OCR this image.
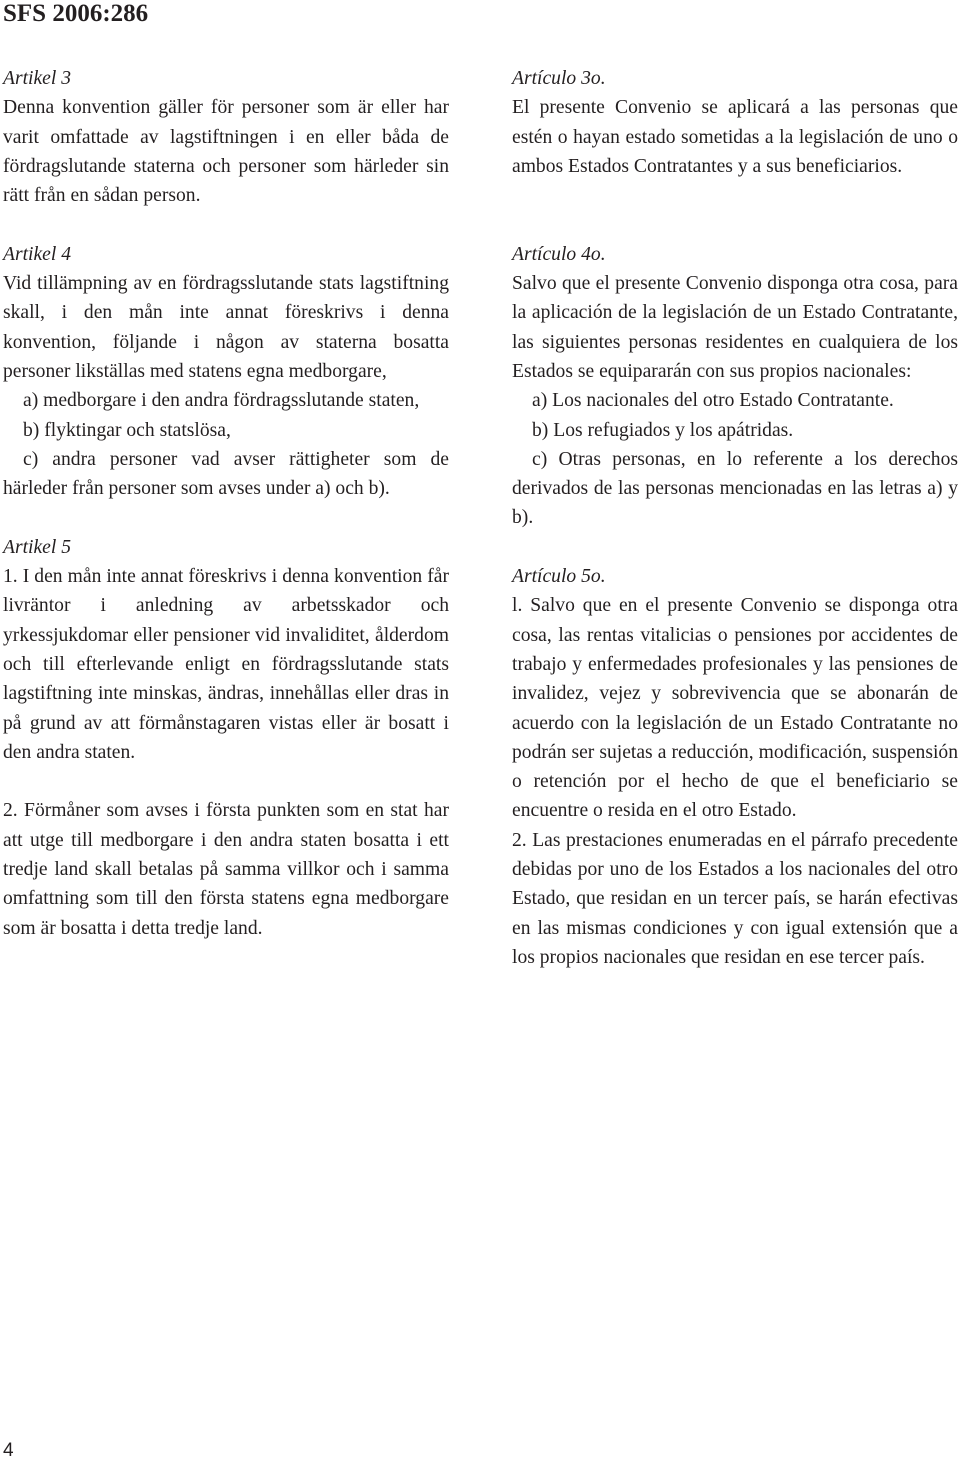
SFS 2006:286
Artikel 3

Denna konvention gäller för personer som är eller har varit omfattade av lagstiftningen i en eller båda de fördragslutande staterna och personer som härleder sin rätt från en sådan person.

Artikel 4

Vid tillämpning av en fördragsslutande stats lagstiftning skall, i den mån inte annat föreskrivs i denna konvention, följande i någon av staterna bosatta personer likställas med statens egna medborgare,

a) medborgare i den andra fördragsslutande staten,

b) flyktingar och statslösa,

c) andra personer vad avser rättigheter som de härleder från personer som avses under a) och b).

Artikel 5

1. I den mån inte annat föreskrivs i denna konvention får livräntor i anledning av arbetsskador och yrkessjukdomar eller pensioner vid invaliditet, ålderdom och till efterlevande enligt en fördragsslutande stats lagstiftning inte minskas, ändras, innehållas eller dras in på grund av att förmånstagaren vistas eller är bosatt i den andra staten.

2. Förmåner som avses i första punkten som en stat har att utge till medborgare i den andra staten bosatta i ett tredje land skall betalas på samma villkor och i samma omfattning som till den första statens egna medborgare som är bosatta i detta tredje land.

Artículo 3o.

El presente Convenio se aplicará a las personas que estén o hayan estado sometidas a la legislación de uno o ambos Estados Contratantes y a sus beneficiarios.

Artículo 4o.

Salvo que el presente Convenio disponga otra cosa, para la aplicación de la legislación de un Estado Contratante, las siguientes personas residentes en cualquiera de los Estados se equipararán con sus propios nacionales:

a) Los nacionales del otro Estado Contratante.

b) Los refugiados y los apátridas.

c) Otras personas, en lo referente a los derechos derivados de las personas mencionadas en las letras a) y b).

Artículo 5o.

l. Salvo que en el presente Convenio se disponga otra cosa, las rentas vitalicias o pensiones por accidentes de trabajo y enfermedades profesionales y las pensiones de invalidez, vejez y sobrevivencia que se abonarán de acuerdo con la legislación de un Estado Contratante no podrán ser sujetas a reducción, modificación, suspensión o retención por el hecho de que el beneficiario se encuentre o resida en el otro Estado.

2. Las prestaciones enumeradas en el párrafo precedente debidas por uno de los Estados a los nacionales del otro Estado, que residan en un tercer país, se harán efectivas en las mismas condiciones y con igual extensión que a los propios nacionales que residan en ese tercer país.

4
